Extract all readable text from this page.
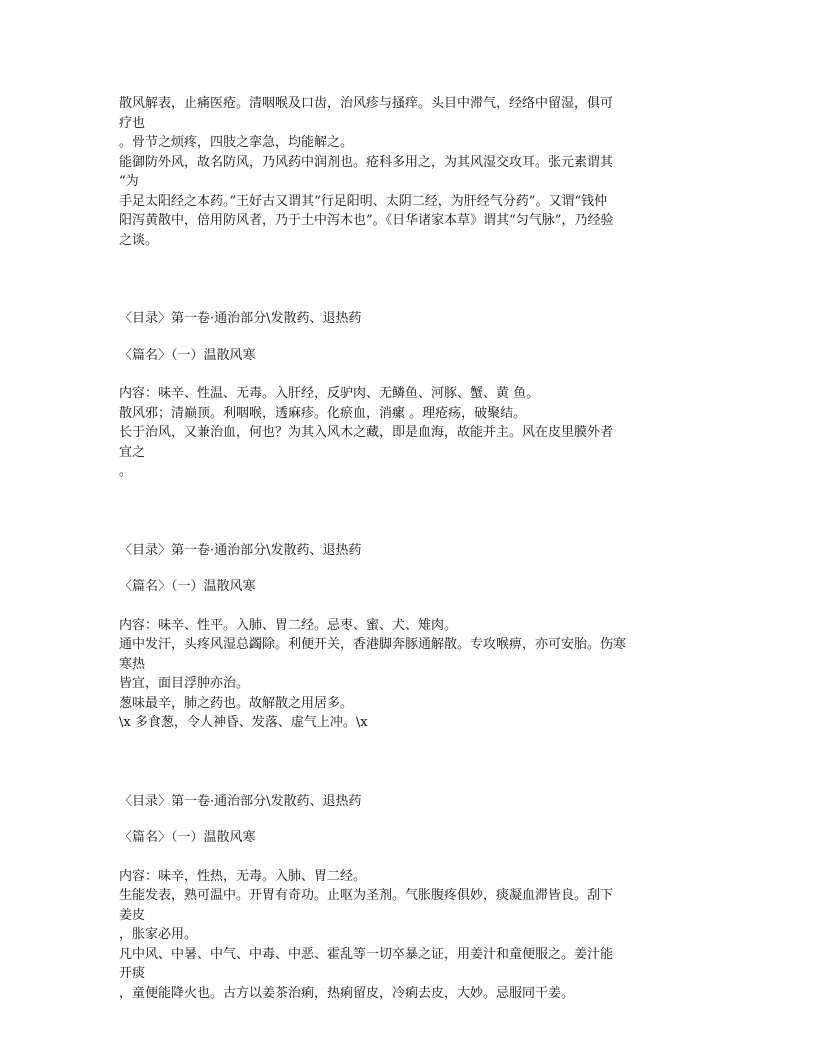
散风解表，止痛医疮。清咽喉及口齿，治风疹与搔痒。头目中滞气，经络中留湿，俱可

疗也

。骨节之烦疼，四肢之挛急，均能解之。

能御防外风，故名防风，乃风药中润剂也。疮科多用之，为其风湿交攻耳。张元素谓其

“为

手足太阳经之本药。”王好古又谓其“行足阳明、太阴二经，为肝经气分药”。又谓“钱仲

阳泻黄散中，倍用防风者，乃于土中泻木也”。《日华诸家本草》谓其“匀气脉”，乃经验

之谈。

〈目录〉第一卷·通治部分\发散药、退热药

〈篇名〉（一）温散风寒

内容：味辛、性温、无毒。入肝经，反驴肉、无鳞鱼、河豚、蟹、黄 鱼。

散风邪；清巅顶。利咽喉，透麻疹。化瘀血，消瘰 。理疮疡，破聚结。

长于治风，又兼治血，何也？为其入风木之藏，即是血海，故能并主。风在皮里膜外者

宜之

。

〈目录〉第一卷·通治部分\发散药、退热药

〈篇名〉（一）温散风寒

内容：味辛、性平。入肺、胃二经。忌枣、蜜、犬、雉肉。

通中发汗，头疼风湿总蠲除。利便开关，香港脚奔豚通解散。专攻喉痹，亦可安胎。伤寒

寒热

皆宜，面目浮肿亦治。

葱味最辛，肺之药也。故解散之用居多。

\x 多食葱，令人神昏、发落、虚气上冲。\x

〈目录〉第一卷·通治部分\发散药、退热药

〈篇名〉（一）温散风寒

内容：味辛，性热，无毒。入肺、胃二经。

生能发表，熟可温中。开胃有奇功。止呕为圣剂。气胀腹疼俱妙，痰凝血滞皆良。刮下

姜皮

，胀家必用。

凡中风、中暑、中气、中毒、中恶、霍乱等一切卒暴之证，用姜汁和童便服之。姜汁能

开痰

，童便能降火也。古方以姜茶治痢，热痢留皮，冷痢去皮，大妙。忌服同干姜。
